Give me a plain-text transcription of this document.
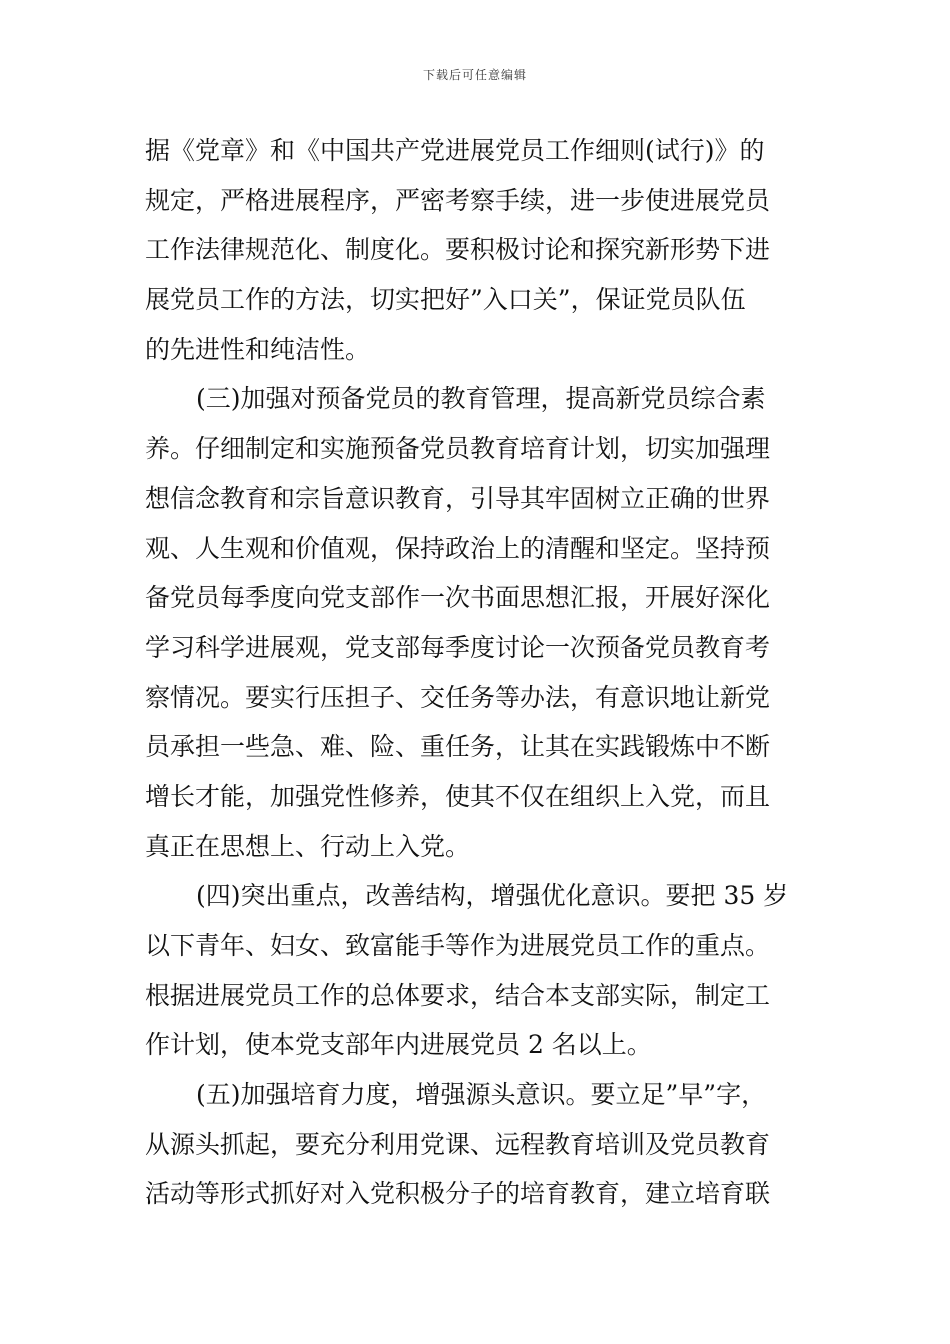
下载后可任意编辑
据《党章》和《中国共产党进展党员工作细则(试行)》的
规定，严格进展程序，严密考察手续，进一步使进展党员
工作法律规范化、制度化。要积极讨论和探究新形势下进
展党员工作的方法，切实把好”入口关”，保证党员队伍
的先进性和纯洁性。
(三)加强对预备党员的教育管理，提高新党员综合素
养。仔细制定和实施预备党员教育培育计划，切实加强理
想信念教育和宗旨意识教育，引导其牢固树立正确的世界
观、人生观和价值观，保持政治上的清醒和坚定。坚持预
备党员每季度向党支部作一次书面思想汇报，开展好深化
学习科学进展观，党支部每季度讨论一次预备党员教育考
察情况。要实行压担子、交任务等办法，有意识地让新党
员承担一些急、难、险、重任务，让其在实践锻炼中不断
增长才能，加强党性修养，使其不仅在组织上入党，而且
真正在思想上、行动上入党。
(四)突出重点，改善结构，增强优化意识。要把 35 岁
以下青年、妇女、致富能手等作为进展党员工作的重点。
根据进展党员工作的总体要求，结合本支部实际，制定工
作计划，使本党支部年内进展党员 2 名以上。
(五)加强培育力度，增强源头意识。要立足”早”字，
从源头抓起，要充分利用党课、远程教育培训及党员教育
活动等形式抓好对入党积极分子的培育教育，建立培育联
